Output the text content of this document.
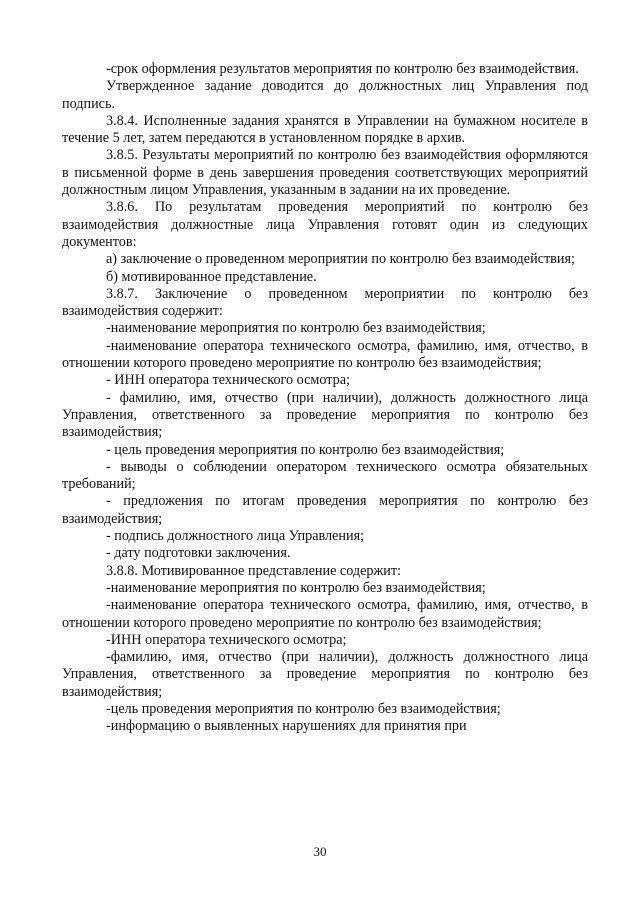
-срок оформления результатов мероприятия по контролю без взаимодействия.

Утвержденное задание доводится до должностных лиц Управления под подпись.

3.8.4. Исполненные задания хранятся в Управлении на бумажном носителе в течение 5 лет, затем передаются в установленном порядке в архив.

3.8.5. Результаты мероприятий по контролю без взаимодействия оформляются в письменной форме в день завершения проведения соответствующих мероприятий должностным лицом Управления, указанным в задании на их проведение.

3.8.6. По результатам проведения мероприятий по контролю без взаимодействия должностные лица Управления готовят один из следующих документов:

а) заключение о проведенном мероприятии по контролю без взаимодействия;

б) мотивированное представление.

3.8.7. Заключение о проведенном мероприятии по контролю без взаимодействия содержит:

-наименование мероприятия по контролю без взаимодействия;

-наименование оператора технического осмотра, фамилию, имя, отчество, в отношении которого проведено мероприятие по контролю без взаимодействия;

- ИНН оператора технического осмотра;

- фамилию, имя, отчество (при наличии), должность должностного лица Управления, ответственного за проведение мероприятия по контролю без взаимодействия;

- цель проведения мероприятия по контролю без взаимодействия;

- выводы о соблюдении оператором технического осмотра обязательных требований;

- предложения по итогам проведения мероприятия по контролю без взаимодействия;

- подпись должностного лица Управления;

- дату подготовки заключения.

3.8.8. Мотивированное представление содержит:

-наименование мероприятия по контролю без взаимодействия;

-наименование оператора технического осмотра, фамилию, имя, отчество, в отношении которого проведено мероприятие по контролю без взаимодействия;

-ИНН оператора технического осмотра;

-фамилию, имя, отчество (при наличии), должность должностного лица Управления, ответственного за проведение мероприятия по контролю без взаимодействия;

-цель проведения мероприятия по контролю без взаимодействия;

-информацию о выявленных нарушениях для принятия при

30
